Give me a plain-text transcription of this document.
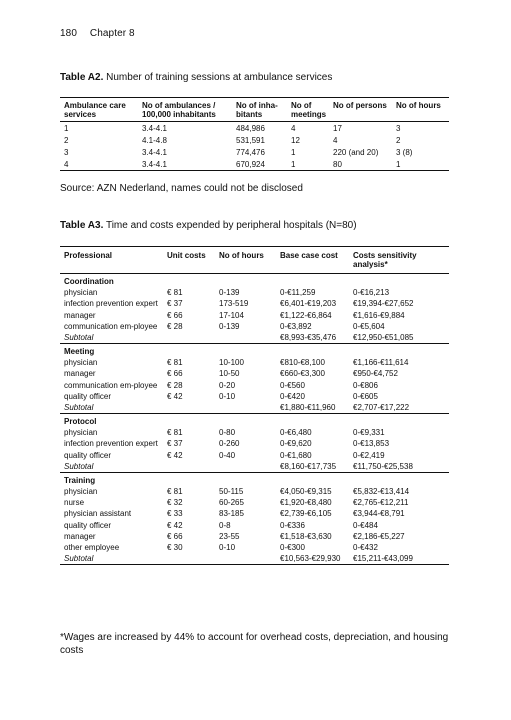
180 Chapter 8
Table A2. Number of training sessions at ambulance services
Ambulance care services	No of ambulances / 100,000 inhabitants	No of inha-bitants	No of meetings	No of persons	No of hours
1	3.4-4.1	484,986	4	17	3
2	4.1-4.8	531,591	12	4	2
3	3.4-4.1	774,476	1	220 (and 20)	3 (8)
4	3.4-4.1	670,924	1	80	1
Source: AZN Nederland, names could not be disclosed
Table A3. Time and costs expended by peripheral hospitals (N=80)
Professional	Unit costs	No of hours	Base case cost	Costs sensitivity analysis*
Coordination				
physician	€ 81	0-139	0-€11,259	0-€16,213
infection prevention expert	€ 37	173-519	€6,401-€19,203	€19,394-€27,652
manager	€ 66	17-104	€1,122-€6,864	€1,616-€9,884
communication em-ployee	€ 28	0-139	0-€3,892	0-€5,604
Subtotal			€8,993-€35,476	€12,950-€51,085
Meeting				
physician	€ 81	10-100	€810-€8,100	€1,166-€11,614
manager	€ 66	10-50	€660-€3,300	€950-€4,752
communication em-ployee	€ 28	0-20	0-€560	0-€806
quality officer	€ 42	0-10	0-€420	0-€605
Subtotal			€1,880-€11,960	€2,707-€17,222
Protocol				
physician	€ 81	0-80	0-€6,480	0-€9,331
infection prevention expert	€ 37	0-260	0-€9,620	0-€13,853
quality officer	€ 42	0-40	0-€1,680	0-€2,419
Subtotal			€8,160-€17,735	€11,750-€25,538
Training				
physician	€ 81	50-115	€4,050-€9,315	€5,832-€13,414
nurse	€ 32	60-265	€1,920-€8,480	€2,765-€12,211
physician assistant	€ 33	83-185	€2,739-€6,105	€3,944-€8,791
quality officer	€ 42	0-8	0-€336	0-€484
manager	€ 66	23-55	€1,518-€3,630	€2,186-€5,227
other employee	€ 30	0-10	0-€300	0-€432
Subtotal			€10,563-€29,930	€15,211-€43,099
*Wages are increased by 44% to account for overhead costs, depreciation, and housing costs
